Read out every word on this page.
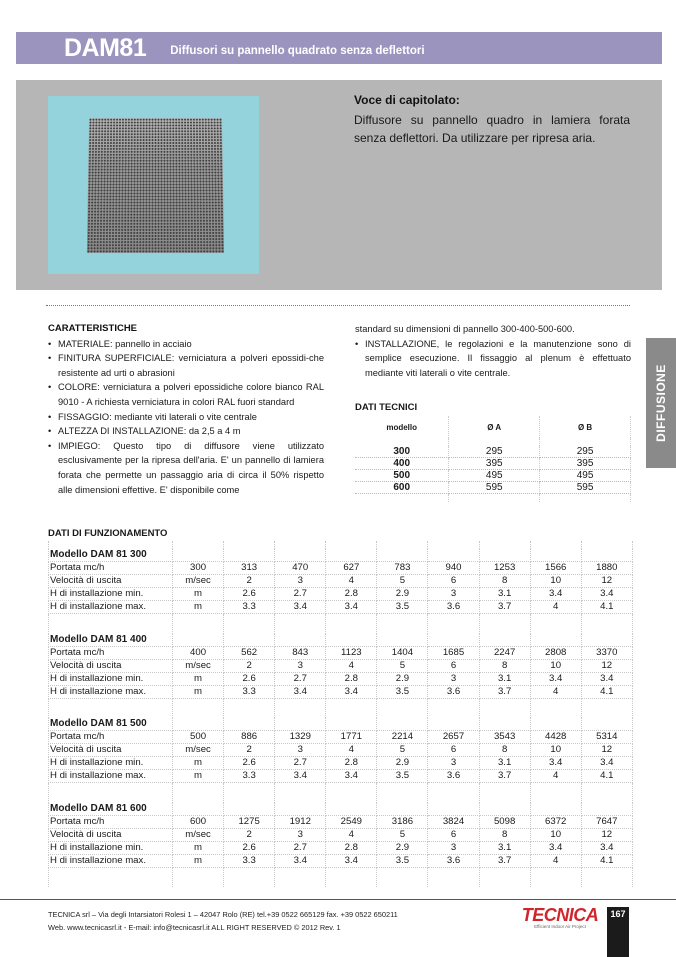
DAM81 Diffusori su pannello quadrato senza deflettori
Voce di capitolato:
Diffusore su pannello quadro in lamiera forata senza deflettori. Da utilizzare per ripresa aria.
CARATTERISTICHE
• MATERIALE: pannello in acciaio
• FINITURA SUPERFICIALE: verniciatura a polveri epossidi-che resistente ad urti o abrasioni
• COLORE: verniciatura a polveri epossidiche colore bianco RAL 9010 - A richiesta verniciatura in colori RAL fuori standard
• FISSAGGIO: mediante viti laterali o vite centrale
• ALTEZZA DI INSTALLAZIONE: da 2,5 a 4 m
• IMPIEGO: Questo tipo di diffusore viene utilizzato esclusivamente per la ripresa dell'aria. E' un pannello di lamiera forata che permette un passaggio aria di circa il 50% rispetto alle dimensioni effettive. E' disponibile come
standard su dimensioni di pannello 300-400-500-600.
• INSTALLAZIONE, le regolazioni e la manutenzione sono di semplice esecuzione. Il fissaggio al plenum è effettuato mediante viti laterali o vite centrale.	DIFFUSIONE
DATI TECNICI
modello	Ø A	Ø B

300	295	295
400	395	395
500	495	495
600	595	595

DATI DI FUNZIONAMENTO

Modello DAM 81 300									
Portata mc/h	300	313	470	627	783	940	1253	1566	1880
Velocità di uscita	m/sec	2	3	4	5	6	8	10	12
H di installazione min.	m	2.6	2.7	2.8	2.9	3	3.1	3.4	3.4
H di installazione max.	m	3.3	3.4	3.4	3.5	3.6	3.7	4	4.1

Modello DAM 81 400									
Portata mc/h	400	562	843	1123	1404	1685	2247	2808	3370
Velocità di uscita	m/sec	2	3	4	5	6	8	10	12
H di installazione min.	m	2.6	2.7	2.8	2.9	3	3.1	3.4	3.4
H di installazione max.	m	3.3	3.4	3.4	3.5	3.6	3.7	4	4.1

Modello DAM 81 500									
Portata mc/h	500	886	1329	1771	2214	2657	3543	4428	5314
Velocità di uscita	m/sec	2	3	4	5	6	8	10	12
H di installazione min.	m	2.6	2.7	2.8	2.9	3	3.1	3.4	3.4
H di installazione max.	m	3.3	3.4	3.4	3.5	3.6	3.7	4	4.1

Modello DAM 81 600									
Portata mc/h	600	1275	1912	2549	3186	3824	5098	6372	7647
Velocità di uscita	m/sec	2	3	4	5	6	8	10	12
H di installazione min.	m	2.6	2.7	2.8	2.9	3	3.1	3.4	3.4
H di installazione max.	m	3.3	3.4	3.4	3.5	3.6	3.7	4	4.1

TECNICA srl – Via degli Intarsiatori Rolesi 1 – 42047 Rolo (RE) tel.+39 0522 665129 fax. +39 0522 650211
Web. www.tecnicasrl.it - E-mail: info@tecnicasrl.it ALL RIGHT RESERVED © 2012 Rev. 1
TECNICA
Efficient Indoor Air Project
167
